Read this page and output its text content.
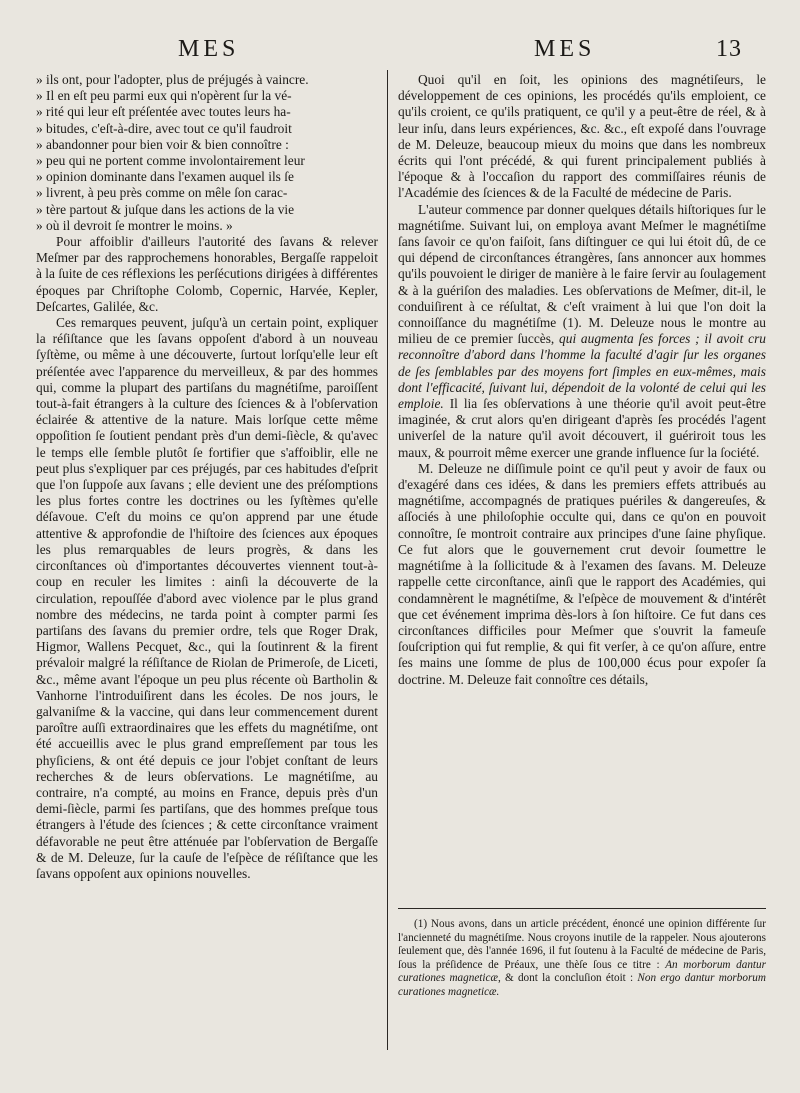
MES	MES	13

» ils ont, pour l'adopter, plus de préjugés à vaincre.
» Il en eſt peu parmi eux qui n'opèrent ſur la vé-
» rité qui leur eſt préſentée avec toutes leurs ha-
» bitudes, c'eſt-à-dire, avec tout ce qu'il faudroit
» abandonner pour bien voir & bien connoître :
» peu qui ne portent comme involontairement leur
» opinion dominante dans l'examen auquel ils ſe
» livrent, à peu près comme on mêle ſon carac-
» tère partout & juſque dans les actions de la vie
» où il devroit ſe montrer le moins. »

Pour affoiblir d'ailleurs l'autorité des ſavans & relever Meſmer par des rapprochemens honorables, Bergaſſe rappeloit à la ſuite de ces réflexions les perſécutions dirigées à différentes époques par Chriſtophe Colomb, Copernic, Harvée, Kepler, Deſcartes, Galilée, &c.

Ces remarques peuvent, juſqu'à un certain point, expliquer la réſiſtance que les ſavans oppoſent d'abord à un nouveau ſyſtème, ou même à une découverte, ſurtout lorſqu'elle leur eſt préſentée avec l'apparence du merveilleux, & par des hommes qui, comme la plupart des partiſans du magnétiſme, paroiſſent tout-à-fait étrangers à la culture des ſciences & à l'obſervation éclairée & attentive de la nature. Mais lorſque cette même oppoſition ſe ſoutient pendant près d'un demi-ſiècle, & qu'avec le temps elle ſemble plutôt ſe fortifier que s'affoiblir, elle ne peut plus s'expliquer par ces préjugés, par ces habitudes d'eſprit que l'on ſuppoſe aux ſavans ; elle devient une des préſomptions les plus fortes contre les doctrines ou les ſyſtèmes qu'elle déſavoue. C'eſt du moins ce qu'on apprend par une étude attentive & approfondie de l'hiſtoire des ſciences aux époques les plus remarquables de leurs progrès, & dans les circonſtances où d'importantes découvertes viennent tout-à-coup en reculer les limites : ainſi la découverte de la circulation, repouſſée d'abord avec violence par le plus grand nombre des médecins, ne tarda point à compter parmi ſes partiſans des ſavans du premier ordre, tels que Roger Drak, Higmor, Wallens Pecquet, &c., qui la ſoutinrent & la firent prévaloir malgré la réſiſtance de Riolan de Primeroſe, de Liceti, &c., même avant l'époque un peu plus récente où Bartholin & Vanhorne l'introduiſirent dans les écoles. De nos jours, le galvaniſme & la vaccine, qui dans leur commencement durent paroître auſſi extraordinaires que les effets du magnétiſme, ont été accueillis avec le plus grand empreſſement par tous les phyſiciens, & ont été depuis ce jour l'objet conſtant de leurs recherches & de leurs obſervations. Le magnétiſme, au contraire, n'a compté, au moins en France, depuis près d'un demi-ſiècle, parmi ſes partiſans, que des hommes preſque tous étrangers à l'étude des ſciences ; & cette circonſtance vraiment défavorable ne peut être atténuée par l'obſervation de Bergaſſe & de M. Deleuze, ſur la cauſe de l'eſpèce de réſiſtance que les ſavans oppoſent aux opinions nouvelles.

Quoi qu'il en ſoit, les opinions des magnétiſeurs, le développement de ces opinions, les procédés qu'ils emploient, ce qu'ils croient, ce qu'ils pratiquent, ce qu'il y a peut-être de réel, & à leur inſu, dans leurs expériences, &c. &c., eſt expoſé dans l'ouvrage de M. Deleuze, beaucoup mieux du moins que dans les nombreux écrits qui l'ont précédé, & qui furent principalement publiés à l'époque & à l'occaſion du rapport des commiſſaires réunis de l'Académie des ſciences & de la Faculté de médecine de Paris.

L'auteur commence par donner quelques détails hiſtoriques ſur le magnétiſme. Suivant lui, on employa avant Meſmer le magnétiſme ſans ſavoir ce qu'on faiſoit, ſans diſtinguer ce qui lui étoit dû, de ce qui dépend de circonſtances étrangères, ſans annoncer aux hommes qu'ils pouvoient le diriger de manière à le faire ſervir au ſoulagement & à la guériſon des maladies. Les obſervations de Meſmer, dit-il, le conduiſirent à ce réſultat, & c'eſt vraiment à lui que l'on doit la connoiſſance du magnétiſme (1). M. Deleuze nous le montre au milieu de ce premier ſuccès, qui augmenta ſes forces ; il avoit cru reconnoître d'abord dans l'homme la faculté d'agir ſur les organes de ſes ſemblables par des moyens fort ſimples en eux-mêmes, mais dont l'efficacité, ſuivant lui, dépendoit de la volonté de celui qui les emploie. Il lia ſes obſervations à une théorie qu'il avoit peut-être imaginée, & crut alors qu'en dirigeant d'après ſes procédés l'agent univerſel de la nature qu'il avoit découvert, il guériroit tous les maux, & pourroit même exercer une grande influence ſur la ſociété.

M. Deleuze ne diſſimule point ce qu'il peut y avoir de faux ou d'exagéré dans ces idées, & dans les premiers effets attribués au magnétiſme, accompagnés de pratiques puériles & dangereuſes, & aſſociés à une philoſophie occulte qui, dans ce qu'on en pouvoit connoître, ſe montroit contraire aux principes d'une ſaine phyſique. Ce fut alors que le gouvernement crut devoir ſoumettre le magnétiſme à la ſollicitude & à l'examen des ſavans. M. Deleuze rappelle cette circonſtance, ainſi que le rapport des Académies, qui condamnèrent le magnétiſme, & l'eſpèce de mouvement & d'intérêt que cet événement imprima dès-lors à ſon hiſtoire. Ce fut dans ces circonſtances difficiles pour Meſmer que s'ouvrit la fameuſe ſouſcription qui fut remplie, & qui fit verſer, à ce qu'on aſſure, entre ſes mains une ſomme de plus de 100,000 écus pour expoſer ſa doctrine. M. Deleuze fait connoître ces détails,

(1) Nous avons, dans un article précédent, énoncé une opinion différente ſur l'ancienneté du magnétiſme. Nous croyons inutile de la rappeler. Nous ajouterons ſeulement que, dès l'année 1696, il fut ſoutenu à la Faculté de médecine de Paris, ſous la préſidence de Préaux, une thèſe ſous ce titre : An morborum dantur curationes magneticæ, & dont la concluſion étoit : Non ergo dantur morborum curationes magneticæ.
